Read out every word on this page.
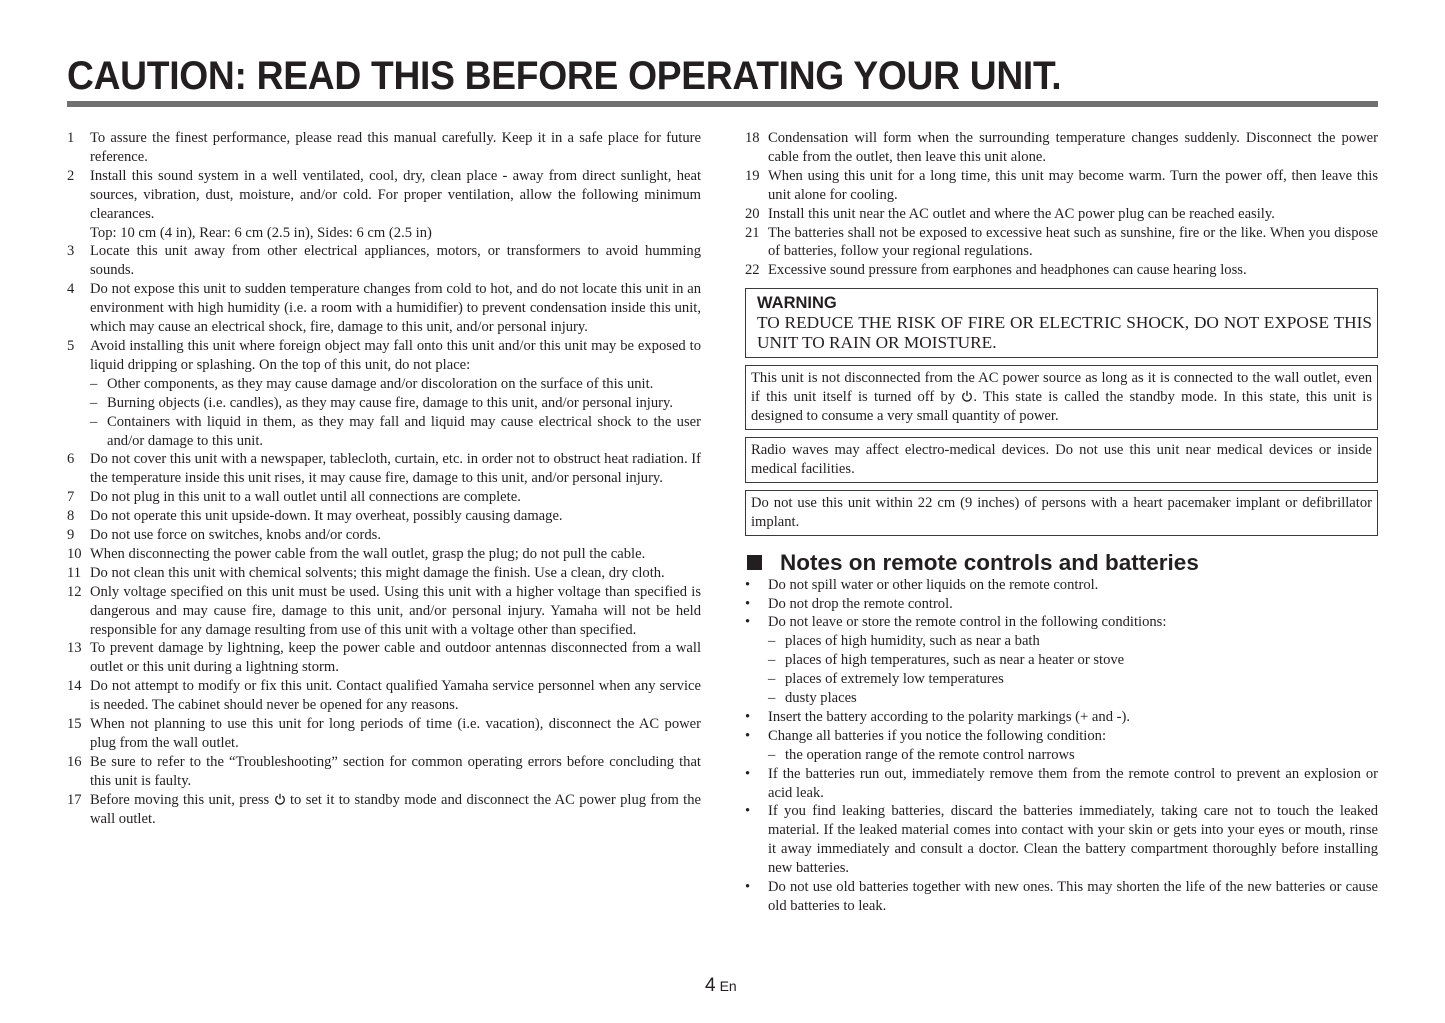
CAUTION: READ THIS BEFORE OPERATING YOUR UNIT.
1	To assure the finest performance, please read this manual carefully. Keep it in a safe place for future reference.
2	Install this sound system in a well ventilated, cool, dry, clean place - away from direct sunlight, heat sources, vibration, dust, moisture, and/or cold. For proper ventilation, allow the following minimum clearances.
Top: 10 cm (4 in), Rear: 6 cm (2.5 in), Sides: 6 cm (2.5 in)
3	Locate this unit away from other electrical appliances, motors, or transformers to avoid humming sounds.
4	Do not expose this unit to sudden temperature changes from cold to hot, and do not locate this unit in an environment with high humidity (i.e. a room with a humidifier) to prevent condensation inside this unit, which may cause an electrical shock, fire, damage to this unit, and/or personal injury.
5	Avoid installing this unit where foreign object may fall onto this unit and/or this unit may be exposed to liquid dripping or splashing. On the top of this unit, do not place:
– Other components, as they may cause damage and/or discoloration on the surface of this unit.
– Burning objects (i.e. candles), as they may cause fire, damage to this unit, and/or personal injury.
– Containers with liquid in them, as they may fall and liquid may cause electrical shock to the user and/or damage to this unit.
6	Do not cover this unit with a newspaper, tablecloth, curtain, etc. in order not to obstruct heat radiation. If the temperature inside this unit rises, it may cause fire, damage to this unit, and/or personal injury.
7	Do not plug in this unit to a wall outlet until all connections are complete.
8	Do not operate this unit upside-down. It may overheat, possibly causing damage.
9	Do not use force on switches, knobs and/or cords.
10 When disconnecting the power cable from the wall outlet, grasp the plug; do not pull the cable.
11 Do not clean this unit with chemical solvents; this might damage the finish. Use a clean, dry cloth.
12 Only voltage specified on this unit must be used. Using this unit with a higher voltage than specified is dangerous and may cause fire, damage to this unit, and/or personal injury. Yamaha will not be held responsible for any damage resulting from use of this unit with a voltage other than specified.
13 To prevent damage by lightning, keep the power cable and outdoor antennas disconnected from a wall outlet or this unit during a lightning storm.
14 Do not attempt to modify or fix this unit. Contact qualified Yamaha service personnel when any service is needed. The cabinet should never be opened for any reasons.
15 When not planning to use this unit for long periods of time (i.e. vacation), disconnect the AC power plug from the wall outlet.
16 Be sure to refer to the “Troubleshooting” section for common operating errors before concluding that this unit is faulty.
17 Before moving this unit, press to set it to standby mode and disconnect the AC power plug from the wall outlet.
18 Condensation will form when the surrounding temperature changes suddenly. Disconnect the power cable from the outlet, then leave this unit alone.
19 When using this unit for a long time, this unit may become warm. Turn the power off, then leave this unit alone for cooling.
20 Install this unit near the AC outlet and where the AC power plug can be reached easily.
21 The batteries shall not be exposed to excessive heat such as sunshine, fire or the like. When you dispose of batteries, follow your regional regulations.
22 Excessive sound pressure from earphones and headphones can cause hearing loss.
WARNING
TO REDUCE THE RISK OF FIRE OR ELECTRIC SHOCK, DO NOT EXPOSE THIS UNIT TO RAIN OR MOISTURE.
This unit is not disconnected from the AC power source as long as it is connected to the wall outlet, even if this unit itself is turned off by . This state is called the standby mode. In this state, this unit is designed to consume a very small quantity of power.
Radio waves may affect electro-medical devices. Do not use this unit near medical devices or inside medical facilities.
Do not use this unit within 22 cm (9 inches) of persons with a heart pacemaker implant or defibrillator implant.
Notes on remote controls and batteries
•	Do not spill water or other liquids on the remote control.
•	Do not drop the remote control.
•	Do not leave or store the remote control in the following conditions:
– places of high humidity, such as near a bath
– places of high temperatures, such as near a heater or stove
– places of extremely low temperatures
– dusty places
•	Insert the battery according to the polarity markings (+ and -).
•	Change all batteries if you notice the following condition:
– the operation range of the remote control narrows
•	If the batteries run out, immediately remove them from the remote control to prevent an explosion or acid leak.
•	If you find leaking batteries, discard the batteries immediately, taking care not to touch the leaked material. If the leaked material comes into contact with your skin or gets into your eyes or mouth, rinse it away immediately and consult a doctor. Clean the battery compartment thoroughly before installing new batteries.
•	Do not use old batteries together with new ones. This may shorten the life of the new batteries or cause old batteries to leak.
4 En
